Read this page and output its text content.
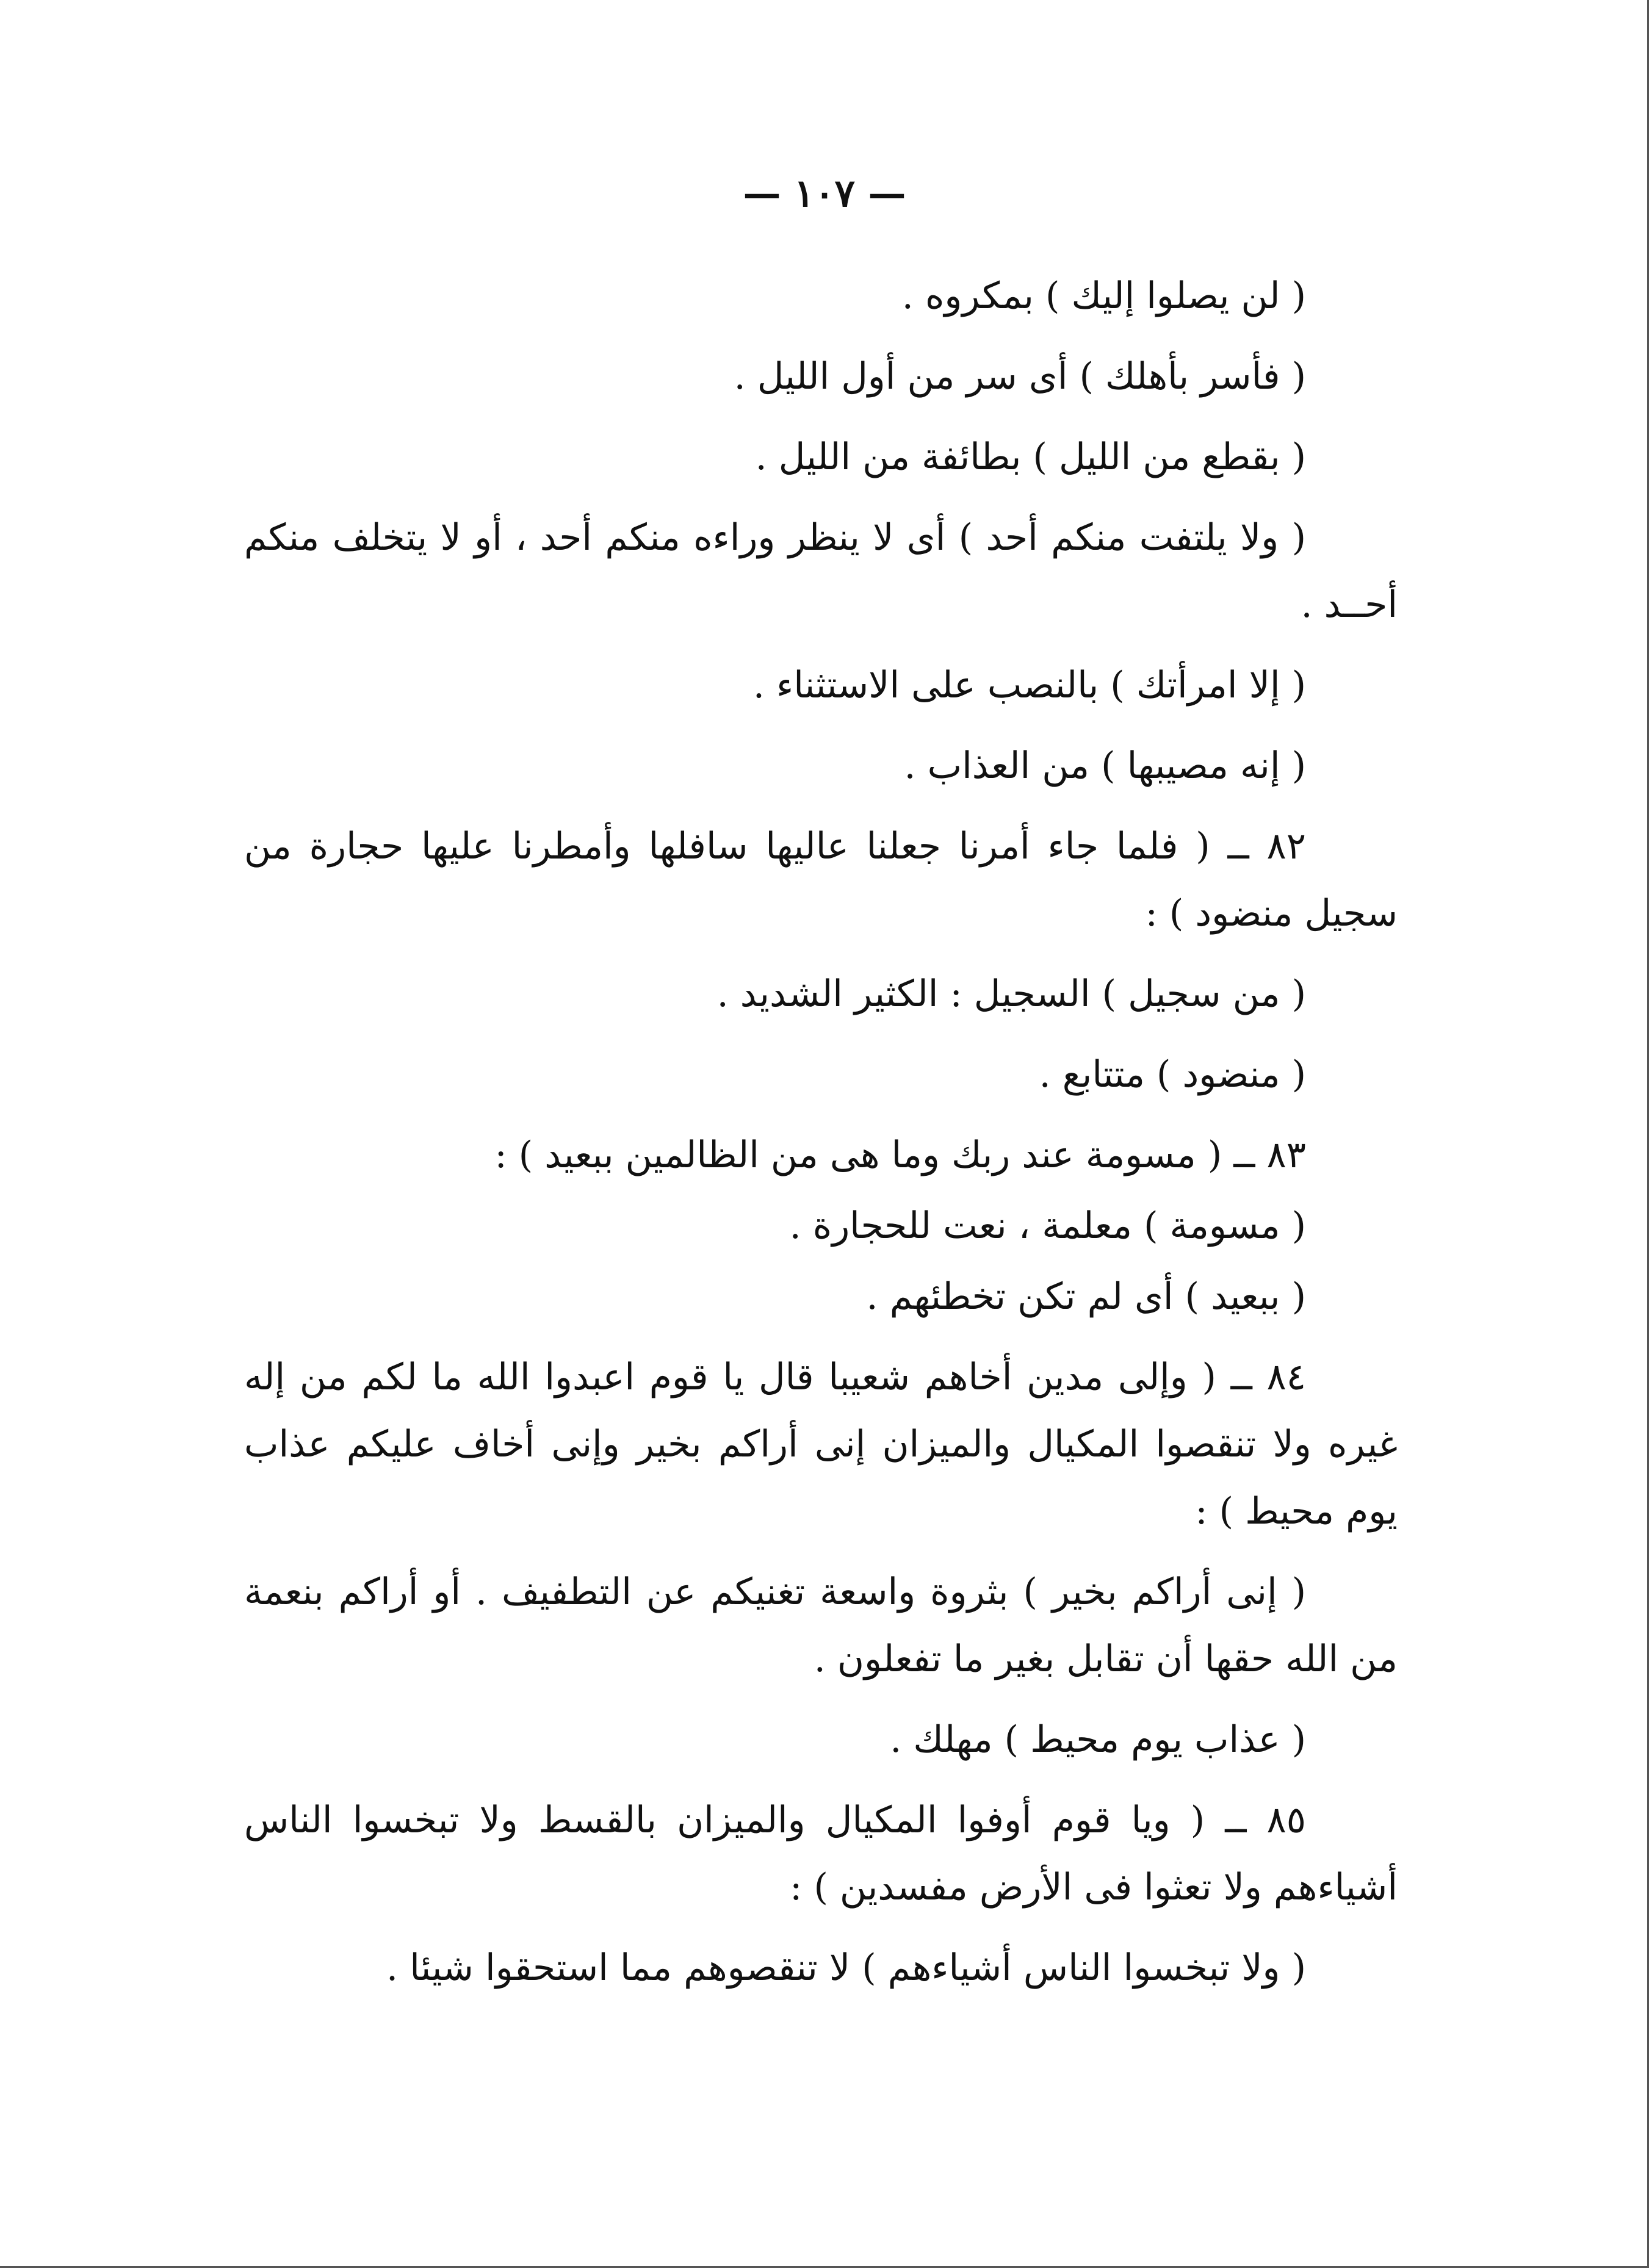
— ١٠٧ —

( لن يصلوا إليك ) بمكروه .

( فأسر بأهلك ) أى سر من أول الليل .

( بقطع من الليل ) بطائفة من الليل .

( ولا يلتفت منكم أحد ) أى لا ينظر وراءه منكم أحد ، أو لا يتخلف منكم أحــد .

( إلا امرأتك ) بالنصب على الاستثناء .

( إنه مصيبها ) من العذاب .

٨٢ ــ ( فلما جاء أمرنا جعلنا عاليها سافلها وأمطرنا عليها حجارة من سجيل منضود ) :

( من سجيل ) السجيل : الكثير الشديد .

( منضود ) متتابع .

٨٣ ــ ( مسومة عند ربك وما هى من الظالمين ببعيد ) :

( مسومة ) معلمة ، نعت للحجارة .

( ببعيد ) أى لم تكن تخطئهم .

٨٤ ــ ( وإلى مدين أخاهم شعيبا قال يا قوم اعبدوا الله ما لكم من إله غيره ولا تنقصوا المكيال والميزان إنى أراكم بخير وإنى أخاف عليكم عذاب يوم محيط ) :

( إنى أراكم بخير ) بثروة واسعة تغنيكم عن التطفيف . أو أراكم بنعمة من الله حقها أن تقابل بغير ما تفعلون .

( عذاب يوم محيط ) مهلك .

٨٥ ــ ( ويا قوم أوفوا المكيال والميزان بالقسط ولا تبخسوا الناس أشياءهم ولا تعثوا فى الأرض مفسدين ) :

( ولا تبخسوا الناس أشياءهم ) لا تنقصوهم مما استحقوا شيئا .
